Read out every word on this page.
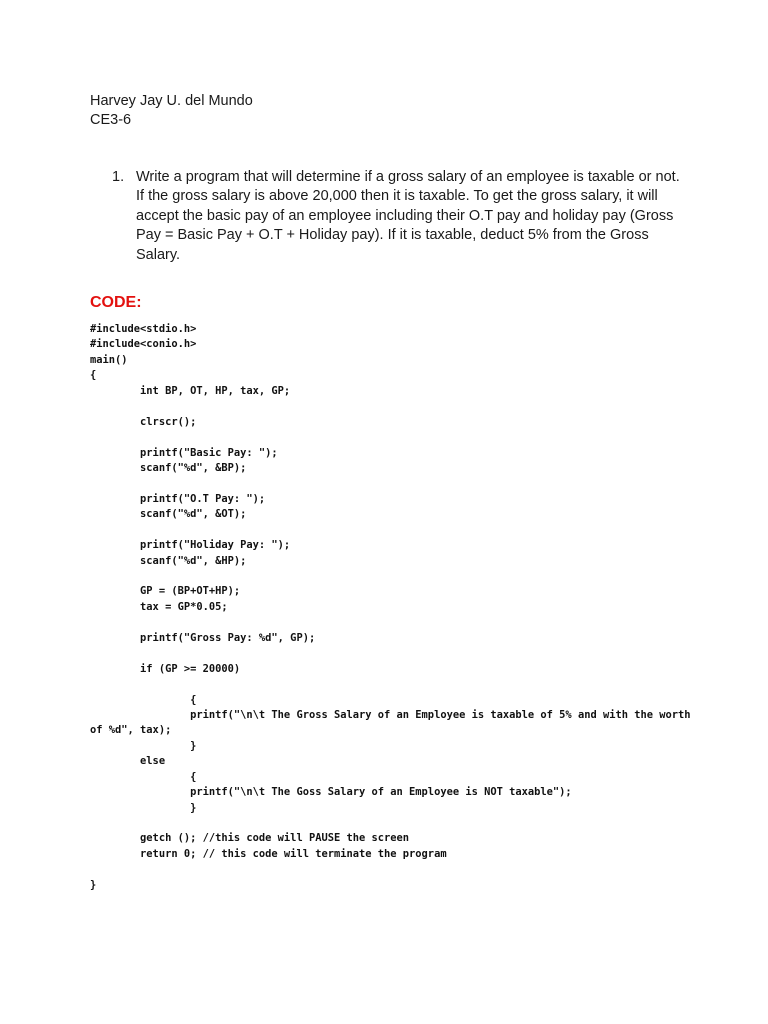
Harvey Jay U. del Mundo
CE3-6
1. Write a program that will determine if a gross salary of an employee is taxable or not. If the gross salary is above 20,000 then it is taxable. To get the gross salary, it will accept the basic pay of an employee including their O.T pay and holiday pay (Gross Pay = Basic Pay + O.T + Holiday pay). If it is taxable, deduct 5% from the Gross Salary.
CODE:
#include<stdio.h>
#include<conio.h>
main()
{
int BP, OT, HP, tax, GP;
clrscr();
printf("Basic Pay: ");
scanf("%d", &BP);
printf("O.T Pay: ");
scanf("%d", &OT);
printf("Holiday Pay: ");
scanf("%d", &HP);
GP = (BP+OT+HP);
tax = GP*0.05;
printf("Gross Pay: %d", GP);
if (GP >= 20000)
{
printf("\n\t The Gross Salary of an Employee is taxable of 5% and with the worth
of %d", tax);
}
else
{
printf("\n\t The Goss Salary of an Employee is NOT taxable");
}
getch (); //this code will PAUSE the screen
return 0; // this code will terminate the program
}
